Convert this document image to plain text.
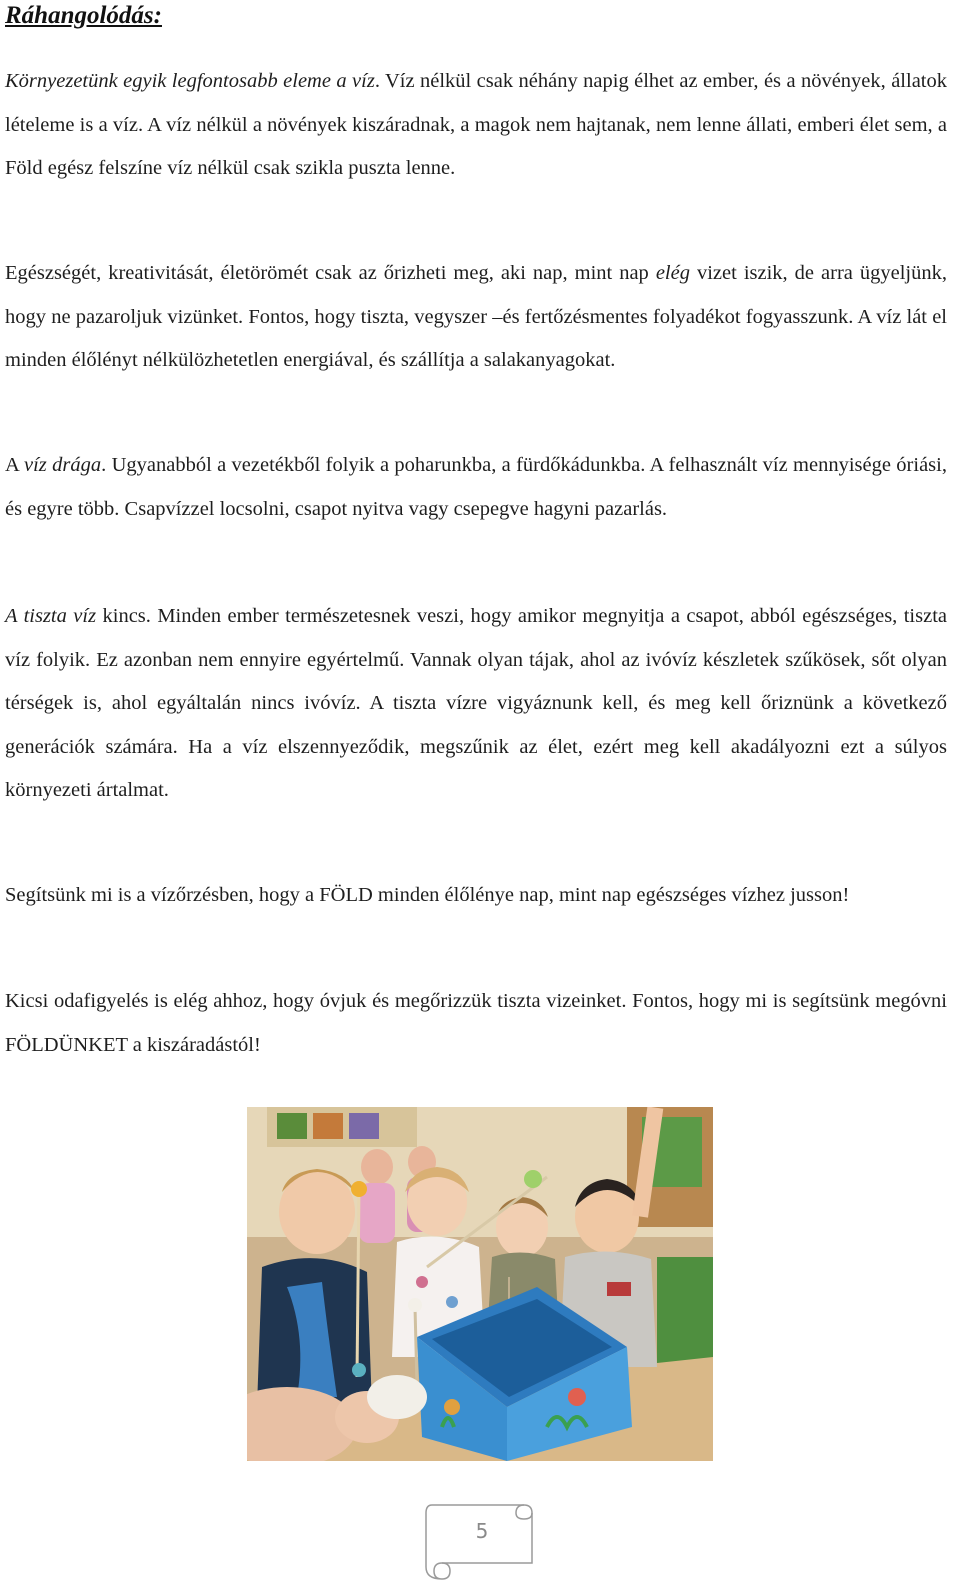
Ráhangolódás:

Környezetünk egyik legfontosabb eleme a víz. Víz nélkül csak néhány napig élhet az ember, és a növények, állatok lételeme is a víz. A víz nélkül a növények kiszáradnak, a magok nem hajtanak, nem lenne állati, emberi élet sem, a Föld egész felszíne víz nélkül csak szikla puszta lenne.

Egészségét, kreativitását, életörömét csak az őrizheti meg, aki nap, mint nap elég vizet iszik, de arra ügyeljünk, hogy ne pazaroljuk vizünket. Fontos, hogy tiszta, vegyszer –és fertőzésmentes folyadékot fogyasszunk. A víz lát el minden élőlényt nélkülözhetetlen energiával, és szállítja a salakanyagokat.

A víz drága. Ugyanabból a vezetékből folyik a poharunkba, a fürdőkádunkba. A felhasznált víz mennyisége óriási, és egyre több. Csapvízzel locsolni, csapot nyitva vagy csepegve hagyni pazarlás.

A tiszta víz kincs. Minden ember természetesnek veszi, hogy amikor megnyitja a csapot, abból egészséges, tiszta víz folyik. Ez azonban nem ennyire egyértelmű. Vannak olyan tájak, ahol az ivóvíz készletek szűkösek, sőt olyan térségek is, ahol egyáltalán nincs ivóvíz. A tiszta vízre vigyáznunk kell, és meg kell őriznünk a következő generációk számára. Ha a víz elszennyeződik, megszűnik az élet, ezért meg kell akadályozni ezt a súlyos környezeti ártalmat.

Segítsünk mi is a vízőrzésben, hogy a FÖLD minden élőlénye nap, mint nap egészséges vízhez jusson!

Kicsi odafigyelés is elég ahhoz, hogy óvjuk és megőrizzük tiszta vizeinket. Fontos, hogy mi is segítsünk megóvni FÖLDÜNKET a kiszáradástól!

5
